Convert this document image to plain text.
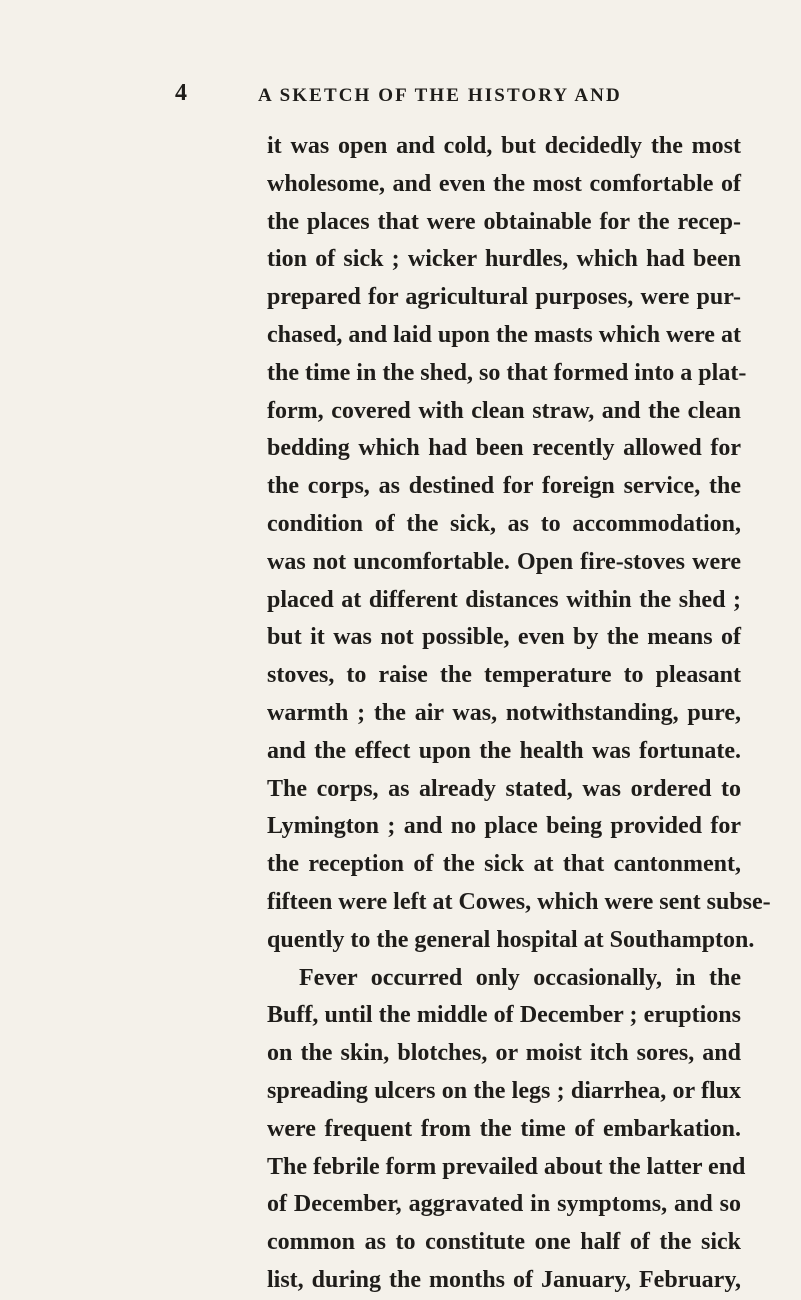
4	A SKETCH OF THE HISTORY AND
it was open and cold, but decidedly the most
wholesome, and even the most comfortable of
the places that were obtainable for the recep-
tion of sick ; wicker hurdles, which had been
prepared for agricultural purposes, were pur-
chased, and laid upon the masts which were at
the time in the shed, so that formed into a plat-
form, covered with clean straw, and the clean
bedding which had been recently allowed for
the corps, as destined for foreign service, the
condition of the sick, as to accommodation,
was not uncomfortable. Open fire-stoves were
placed at different distances within the shed ;
but it was not possible, even by the means of
stoves, to raise the temperature to pleasant
warmth ; the air was, notwithstanding, pure,
and the effect upon the health was fortunate.
The corps, as already stated, was ordered to
Lymington ; and no place being provided for
the reception of the sick at that cantonment,
fifteen were left at Cowes, which were sent subse-
quently to the general hospital at Southampton.
Fever occurred only occasionally, in the
Buff, until the middle of December ; eruptions
on the skin, blotches, or moist itch sores, and
spreading ulcers on the legs ; diarrhea, or flux
were frequent from the time of embarkation.
The febrile form prevailed about the latter end
of December, aggravated in symptoms, and so
common as to constitute one half of the sick
list, during the months of January, February,
